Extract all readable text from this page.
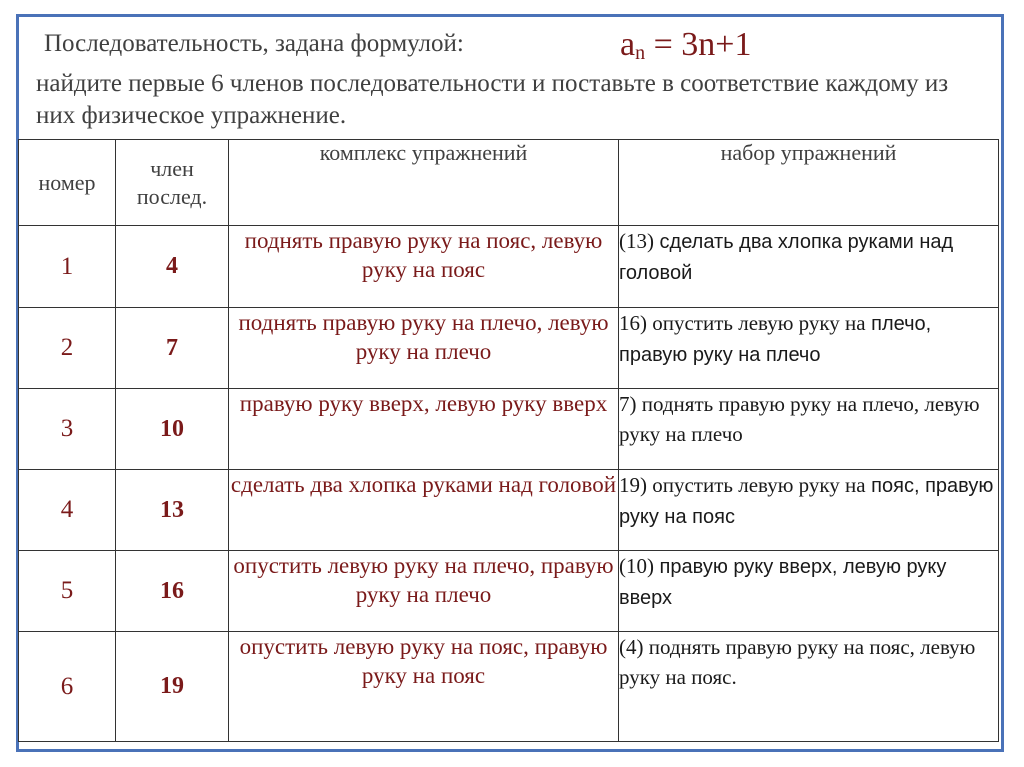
Последовательность, задана формулой:	$a_n = 3n+1$
найдите первые 6 членов последовательности и поставьте в соответствие каждому из них физическое упражнение.
номер	член послед.	комплекс упражнений	набор упражнений
1	4	поднять правую руку на пояс, левую руку на пояс	(13) сделать два хлопка руками над головой
2	7	поднять правую руку на плечо, левую руку на плечо	16) опустить левую руку на плечо, правую руку на плечо
3	10	правую руку вверх, левую руку вверх	7) поднять правую руку на плечо, левую руку на плечо
4	13	сделать два хлопка руками над головой	19) опустить левую руку на пояс, правую руку на пояс
5	16	опустить левую руку на плечо, правую руку на плечо	(10) правую руку вверх, левую руку вверх
6	19	опустить левую руку на пояс, правую руку на пояс	(4) поднять правую руку на пояс, левую руку на пояс.
